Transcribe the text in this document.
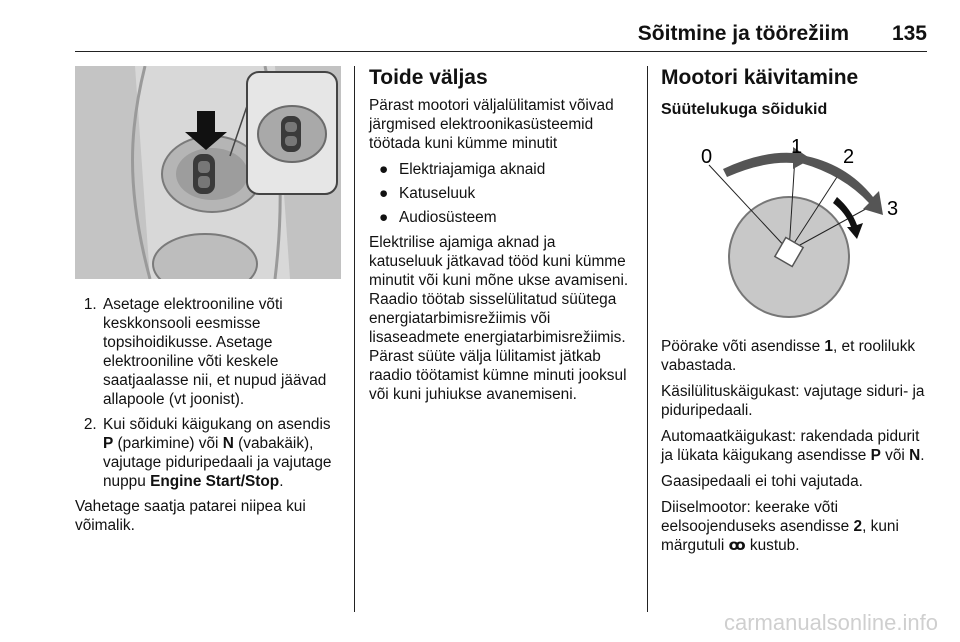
Sõitmine ja töörežiim 135
1. Asetage elektrooniline võti keskkonsooli eesmisse topsihoidikusse. Asetage elektrooniline võti keskele saatjaalasse nii, et nupud jäävad allapoole (vt joonist).
2. Kui sõiduki käigukang on asendis P (parkimine) või N (vabakäik), vajutage piduripedaali ja vajutage nuppu Engine Start/Stop.

Vahetage saatja patarei niipea kui võimalik.

Toide väljas

Pärast mootori väljalülitamist võivad järgmised elektroonikasüsteemid töötada kuni kümme minutit

● Elektriajamiga aknaid
● Katuseluuk
● Audiosüsteem

Elektrilise ajamiga aknad ja katuseluuk jätkavad tööd kuni kümme minutit või kuni mõne ukse avamiseni. Raadio töötab sisselülitatud süütega energiatarbimisrežiimis või lisaseadmete energiatarbimisrežiimis. Pärast süüte välja lülitamist jätkab raadio töötamist kümne minuti jooksul või kuni juhiukse avanemiseni.

Mootori käivitamine
Süütelukuga sõidukid
0	1 2
3

Pöörake võti asendisse 1, et roolilukk vabastada.

Käsilülituskäigukast: vajutage siduri- ja piduripedaali.

Automaatkäigukast: rakendada pidurit ja lükata käigukang asendisse P või N.

Gaasipedaali ei tohi vajutada.

Diiselmootor: keerake võti eelsoojenduseks asendisse 2, kuni märgutuli ꝏ kustub.

carmanualsonline.info
